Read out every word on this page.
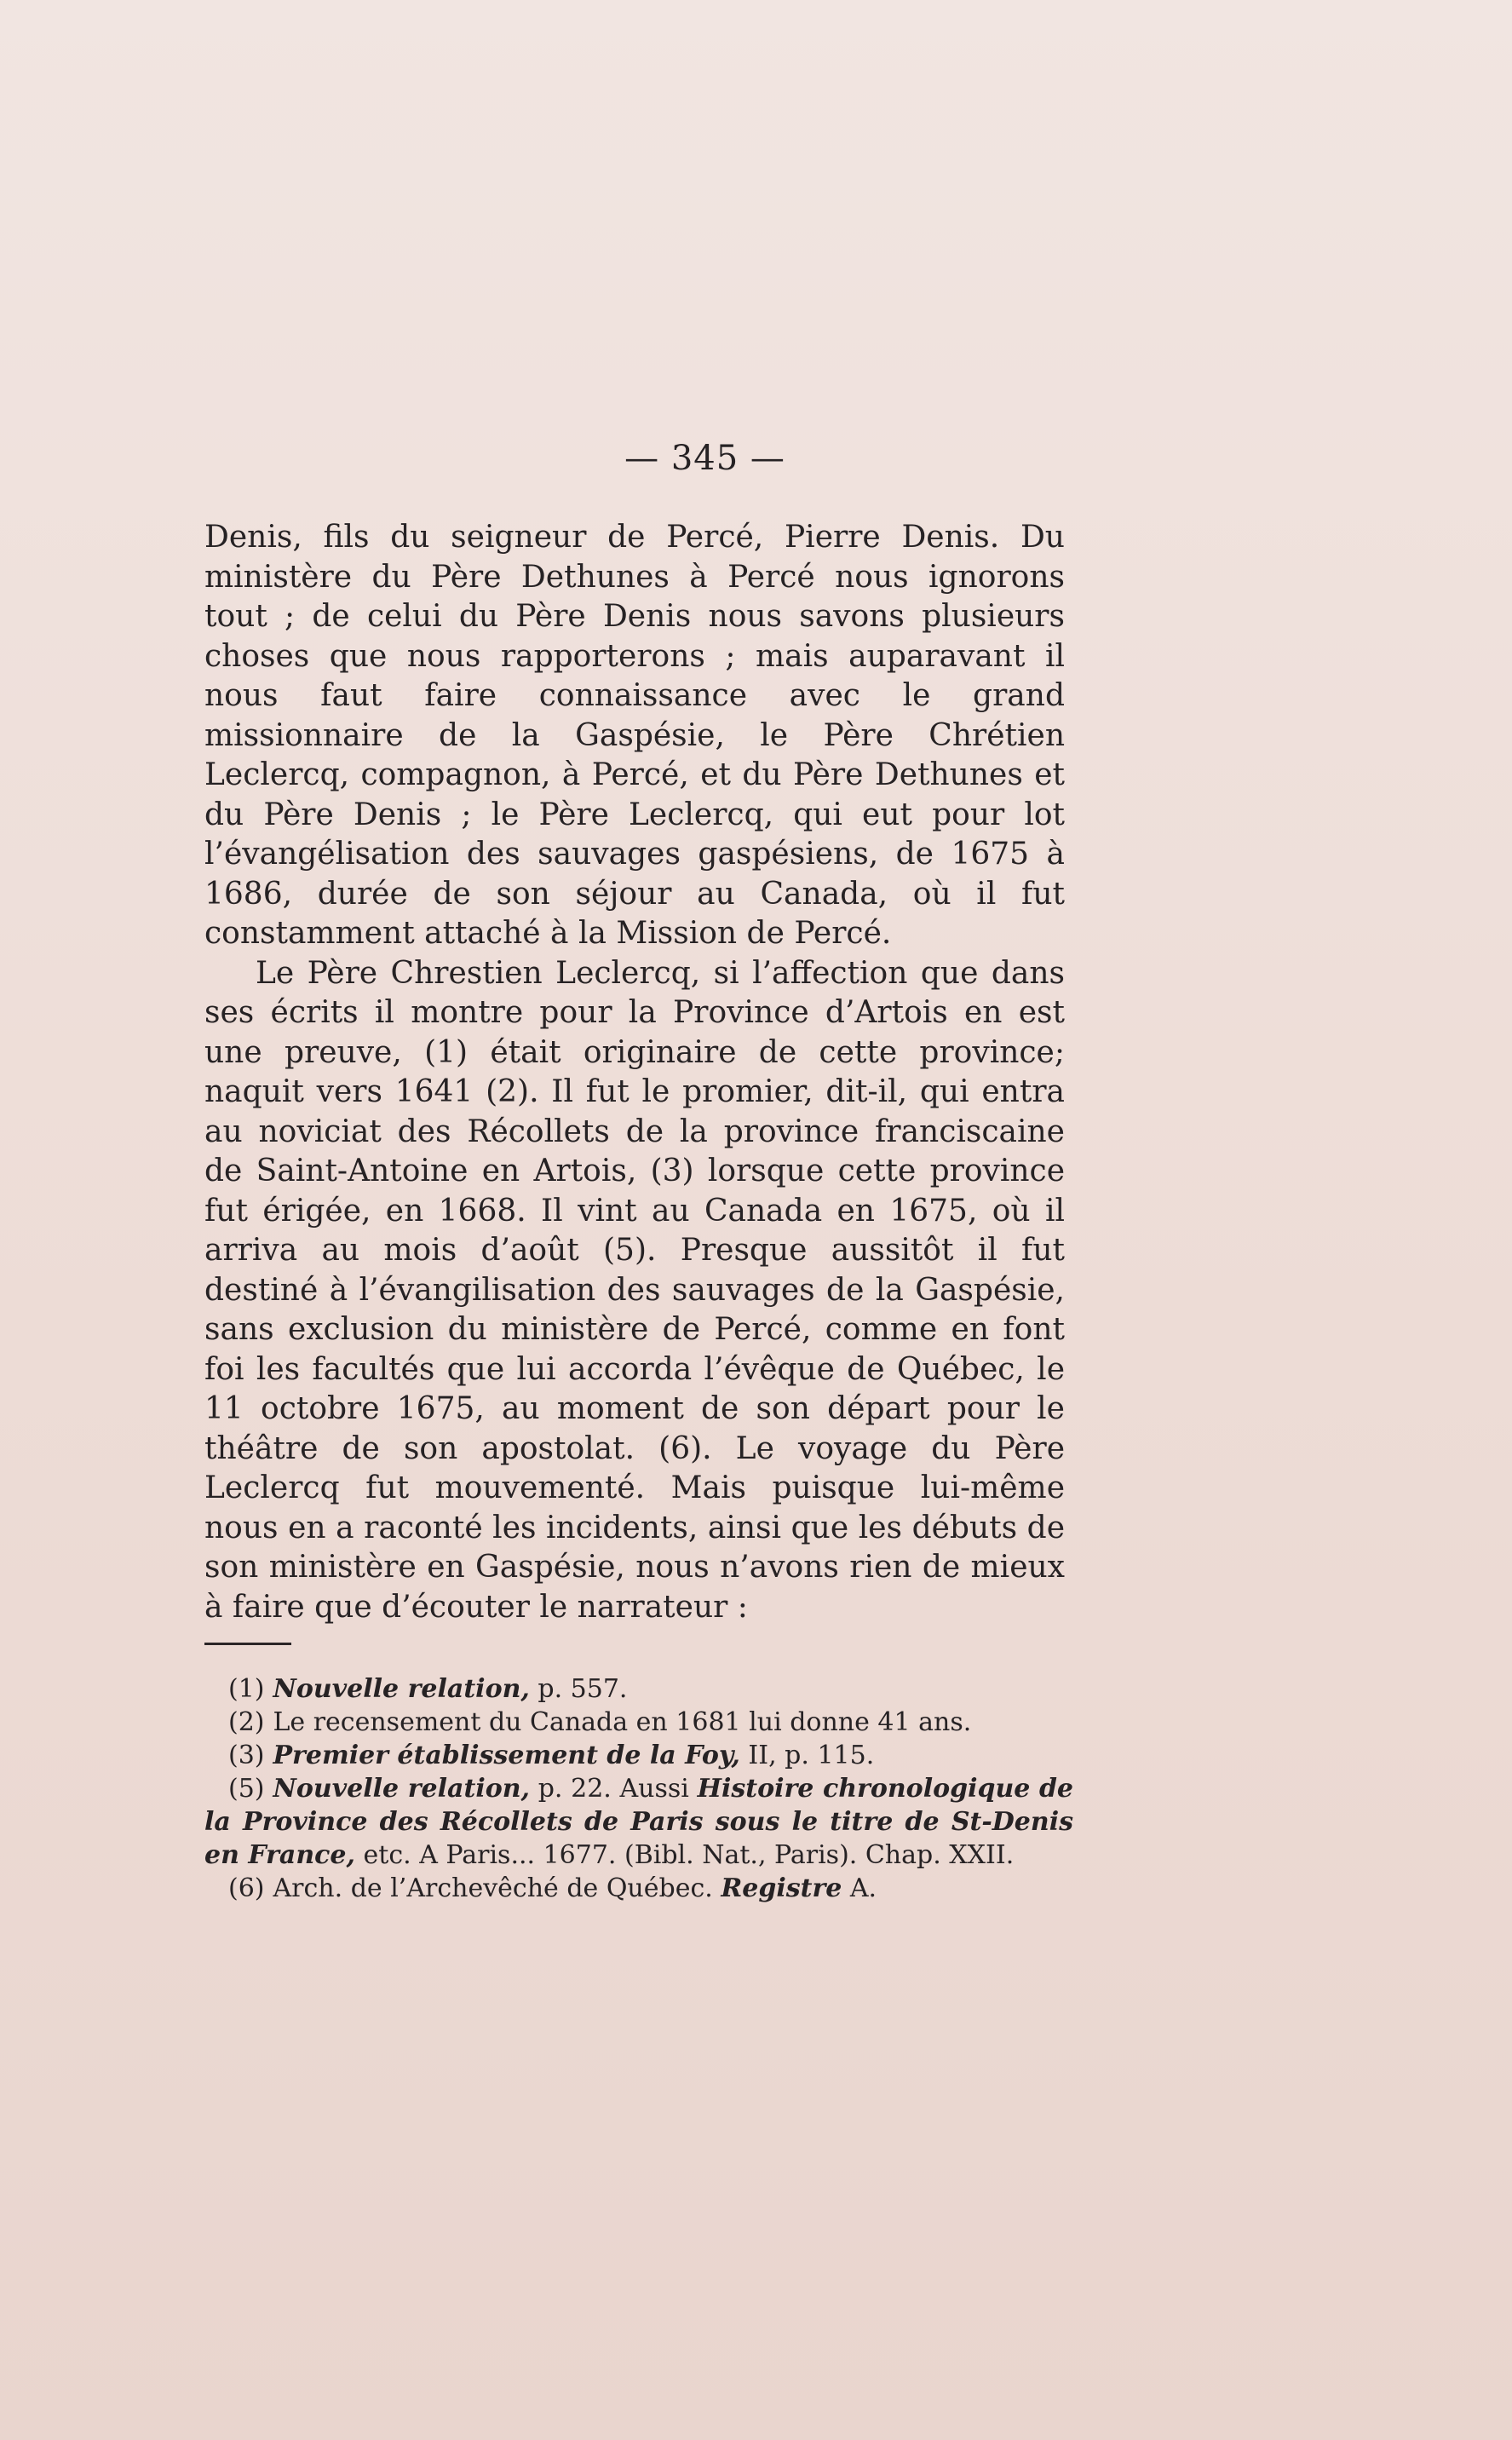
— 345 —

Denis, fils du seigneur de Percé, Pierre Denis. Du ministère du Père Dethunes à Percé nous ignorons tout ; de celui du Père Denis nous savons plusieurs choses que nous rapporterons ; mais auparavant il nous faut faire connaissance avec le grand missionnaire de la Gaspésie, le Père Chrétien Leclercq, compagnon, à Percé, et du Père Dethunes et du Père Denis ; le Père Leclercq, qui eut pour lot l’évangélisation des sauvages gaspésiens, de 1675 à 1686, durée de son séjour au Canada, où il fut constamment attaché à la Mission de Percé.

Le Père Chrestien Leclercq, si l’affection que dans ses écrits il montre pour la Province d’Artois en est une preuve, (1) était originaire de cette province; naquit vers 1641 (2). Il fut le promier, dit-il, qui entra au noviciat des Récollets de la province franciscaine de Saint-Antoine en Artois, (3) lorsque cette province fut érigée, en 1668. Il vint au Canada en 1675, où il arriva au mois d’août (5). Presque aussitôt il fut destiné à l’évangilisation des sauvages de la Gaspésie, sans exclusion du ministère de Percé, comme en font foi les facultés que lui accorda l’évêque de Québec, le 11 octobre 1675, au moment de son départ pour le théâtre de son apostolat. (6). Le voyage du Père Leclercq fut mouvementé. Mais puisque lui-même nous en a raconté les incidents, ainsi que les débuts de son ministère en Gaspésie, nous n’avons rien de mieux à faire que d’écouter le narrateur :

(1) Nouvelle relation, p. 557.

(2) Le recensement du Canada en 1681 lui donne 41 ans.

(3) Premier établissement de la Foy, II, p. 115.

(5) Nouvelle relation, p. 22. Aussi Histoire chronologique de la Province des Récollets de Paris sous le titre de St-Denis en France, etc. A Paris... 1677. (Bibl. Nat., Paris). Chap. XXII.

(6) Arch. de l’Archevêché de Québec. Registre A.
